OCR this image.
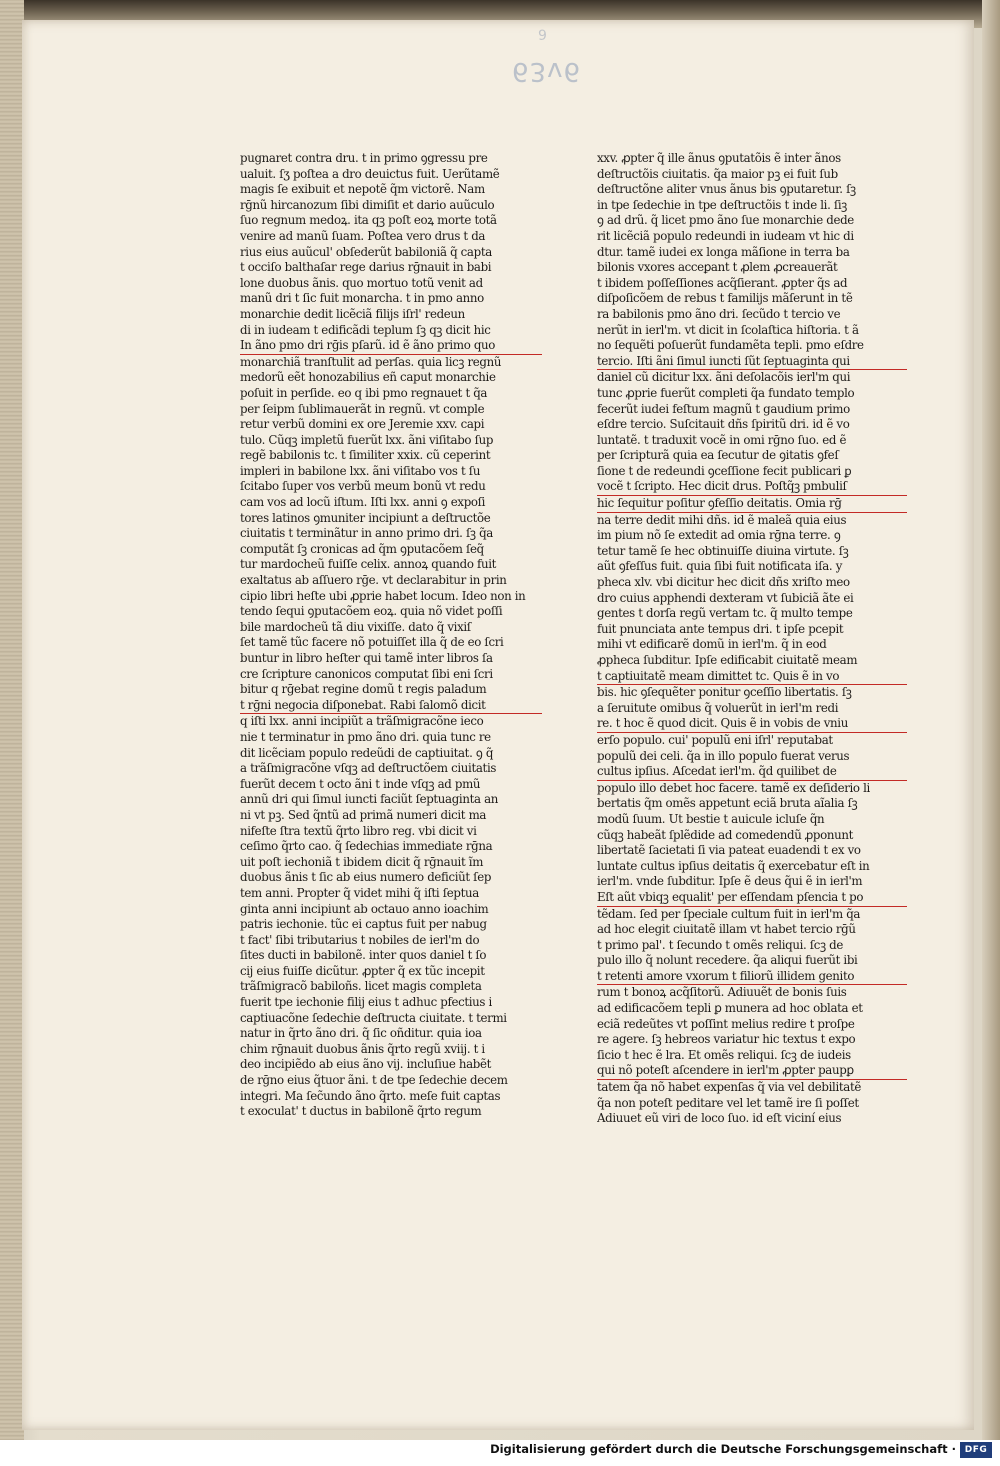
9
63v6
pugnaret contra dru. t in primo ꝯgressu pre
ualuit. ſʒ poſtea a dro deuictus fuit. Uerũtamẽ
magis ſe exibuit et nepotẽ q̃m victorẽ. Nam
rḡnũ hircanozum ſibi dimiſit et dario auũculo
ſuo regnum medoꝝ. ita qꝫ poſt eoꝝ morte totã
venire ad manũ ſuam. Poſtea vero drus t da
rius eius auũcul' obſederũt babiloniã q̃ capta
t occiſo balthaſar rege darius rḡnauit in babi
lone duobus ãnis. quo mortuo totũ venit ad
manũ dri t ſic fuit monarcha. t in pmo anno
monarchie dedit licẽciã filijs iſrl' redeun
di in iudeam t edificãdi teplum ſꝫ qꝫ dicit hic
In ãno pmo dri rḡis pſarũ. id ẽ ãno primo quo
monarchiã tranſtulit ad perſas. quia licꝫ regnũ
medorũ eẽt honozabilius eñ caput monarchie
poſuit in perſide. eo q ibi pmo regnauet t q̃a
per ſeipm ſublimauerãt in regnũ. vt comple
retur verbũ domini ex ore Jeremie xxv. capi
tulo. Cũqꝫ impletũ fuerũt lxx. ãni viſitabo ſup
regẽ babilonis tc. t ſimiliter xxix. cũ ceperint
impleri in babilone lxx. ãni viſitabo vos t ſu
ſcitabo ſuper vos verbũ meum bonũ vt redu
cam vos ad locũ iſtum. Iſti lxx. anni ꝯ expoſi
tores latinos ꝯmuniter incipiunt a deſtructõe
ciuitatis t terminãtur in anno primo dri. ſꝫ q̃a
computãt ſꝫ cronicas ad q̃m ꝯputacõem ſeq̃
tur mardocheũ fuiſſe celix. annoꝝ quando fuit
exaltatus ab aſſuero rḡe. vt declarabitur in prin
cipio libri heſte ubi ꝓprie habet locum. Ideo non in
tendo ſequi ꝯputacõem eoꝝ. quia nõ videt poſſi
bile mardocheũ tã diu vixiſſe. dato q̃ vixiſ
ſet tamẽ tũc facere nõ potuiſſet illa q̃ de eo ſcri
buntur in libro heſter qui tamẽ inter libros ſa
cre ſcripture canonicos computat ſibi eni ſcri
bitur q rḡebat regine domũ t regis paladum
t rḡni negocia diſponebat. Rabi ſalomõ dicit
q iſti lxx. anni incipiũt a trãſmigracõne ieco
nie t terminatur in pmo ãno dri. quia tunc re
dit licẽciam populo redeũdi de captiuitat. ꝯ q̃
a trãſmigracõne vſqꝫ ad deſtructõem ciuitatis
fuerũt decem t octo ãni t inde vſqꝫ ad pmũ
annũ dri qui ſimul iuncti faciũt ſeptuaginta an
ni vt pꝫ. Sed q̃ntũ ad primã numeri dicit ma
nifeſte ſtra textũ q̃rto libro reg. vbi dicit vi
ceſimo q̃rto cao. q̃ ſedechias immediate rḡna
uit poſt iechoniã t ibidem dicit q̃ rḡnauit ĩm
duobus ãnis t ſic ab eius numero deficiũt ſep
tem anni. Propter q̃ videt mihi q̃ iſti ſeptua
ginta anni incipiunt ab octauo anno ioachim
patris iechonie. tũc ei captus fuit per nabug
t fact' ſibi tributarius t nobiles de ierl'm do
ſites ducti in babilonẽ. inter quos daniel t ſo
cij eius fuiſſe dicũtur. ꝓpter q̃ ex tũc incepit
trãſmigracõ babiloñs. licet magis completa
fuerit tpe iechonie filij eius t adhuc pfectius i
captiuacõne ſedechie deſtructa ciuitate. t termi
natur in q̃rto ãno dri. q̃ ſic oñditur. quia ioa
chim rḡnauit duobus ãnis q̃rto regũ xviij. t i
deo incipiẽdo ab eius ãno vij. incluſiue habẽt
de rḡno eius q̃tuor ãni. t de tpe ſedechie decem
integri. Ma ſec̃undo ãno q̃rto. meſe fuit captas
t exoculat' t ductus in babilonẽ q̃rto regum
xxv. ꝓpter q̃ ille ãnus ꝯputatõis ẽ inter ãnos
deſtructõis ciuitatis. q̃a maior pꝫ ei fuit ſub
deſtructõne aliter vnus ãnus bis ꝯputaretur. ſꝫ
in tpe ſedechie in tpe deſtructõis t inde li. ſiꝫ
ꝯ ad drũ. q̃ licet pmo ãno ſue monarchie dede
rit licẽciã populo redeundi in iudeam vt hic di
dtur. tamẽ iudei ex longa mãſione in terra ba
bilonis vxores acceꝑant t ꝓlem ꝓcreauerãt
t ibidem poſſeſſiones acq̃ſierant. ꝓpter q̃s ad
diſpoſicõem de rebus t familijs mãſerunt in tẽ
ra babilonis pmo ãno dri. ſecũdo t tercio ve
nerũt in ierl'm. vt dicit in ſcolaſtica hiſtoria. t ã
no ſequẽti poſuerũt fundamẽta tepli. pmo eſdre
tercio. Iſti ãni ſimul iuncti ſũt ſeptuaginta qui
daniel cũ dicitur lxx. ãni deſolacõis ierl'm qui
tunc ꝓprie fuerũt completi q̃a fundato templo
fecerũt iudei feſtum magnũ t gaudium primo
eſdre tercio. Suſcitauit dñs ſpiritũ dri. id ẽ vo
luntatẽ. t traduxit vocẽ in omi rḡno ſuo. ed ẽ
per ſcripturã quia ea ſecutur de ꝯitatis ꝯfeſ
ſione t de redeundi ꝯceſſione fecit publicari ꝑ
vocẽ t ſcripto. Hec dicit drus. Poſtq̃ꝫ pmbuliſ
hic ſequitur poſitur ꝯfeſſio deitatis. Omia rḡ
na terre dedit mihi dñs. id ẽ maleã quia eius
im pium nõ ſe extedit ad omia rḡna terre. ꝯ
tetur tamẽ ſe hec obtinuiſſe diuina virtute. ſꝫ
aũt ꝯfeſſus fuit. quia ſibi fuit notificata iſa. y
pheca xlv. vbi dicitur hec dicit dñs xriſto meo
dro cuius apphendi dexteram vt ſubiciã ãte ei
gentes t dorſa regũ vertam tc. q̃ multo tempe
fuit pnunciata ante tempus dri. t ipſe pcepit
mihi vt edificarẽ domũ in ierl'm. q̃ in eod
ꝓpheca ſubditur. Ipſe edificabit ciuitatẽ meam
t captiuitatẽ meam dimittet tc. Quis ẽ in vo
bis. hic ꝯſequẽter ponitur ꝯceſſio libertatis. ſꝫ
a ſeruitute omibus q̃ voluerũt in ierl'm redi
re. t hoc ẽ quod dicit. Quis ẽ in vobis de vniu
erſo populo. cui' populũ eni iſrl' reputabat
populũ dei celi. q̃a in illo populo fuerat verus
cultus ipſius. Aſcedat ierl'm. q̃d quilibet de
populo illo debet hoc facere. tamẽ ex deſiderio li
bertatis q̃m omẽs appetunt eciã bruta aĩalia ſꝫ
modũ ſuum. Ut bestie t auicule icluſe q̃n
cũqꝫ habeãt ſplẽdide ad comedendũ ꝓponunt
libertatẽ ſacietati ſi via pateat euadendi t ex vo
luntate cultus ipſius deitatis q̃ exercebatur eſt in
ierl'm. vnde ſubditur. Ipſe ẽ deus q̃ui ẽ in ierl'm
Eſt aũt vbiqꝫ equalit' per eſſendam pſencia t po
tẽdam. ſed per ſpeciale cultum fuit in ierl'm q̃a
ad hoc elegit ciuitatẽ illam vt habet tercio rḡũ
t primo pal'. t ſecundo t omẽs reliqui. ſcꝫ de
pulo illo q̃ nolunt recedere. q̃a aliqui fuerũt ibi
t retenti amore vxorum t filiorũ illidem genito
rum t bonoꝝ acq̃ſitorũ. Adiuuẽt de bonis ſuis
ad edificacõem tepli ꝑ munera ad hoc oblata et
eciã redeũtes vt poſſint melius redire t proſpe
re agere. ſꝫ hebreos variatur hic textus t expo
ſicio t hec ẽ lra. Et omẽs reliqui. ſcꝫ de iudeis
qui nõ poteſt aſcendere in ierl'm ꝓpter paupꝑ
tatem q̃a nõ habet expenſas q̃ via vel debilitatẽ
q̃a non poteſt peditare vel let tamẽ ire ſi poſſet
Adiuuet eũ viri de loco ſuo. id eſt viciní eius
Digitalisierung gefördert durch die Deutsche Forschungsgemeinschaft · DFG
